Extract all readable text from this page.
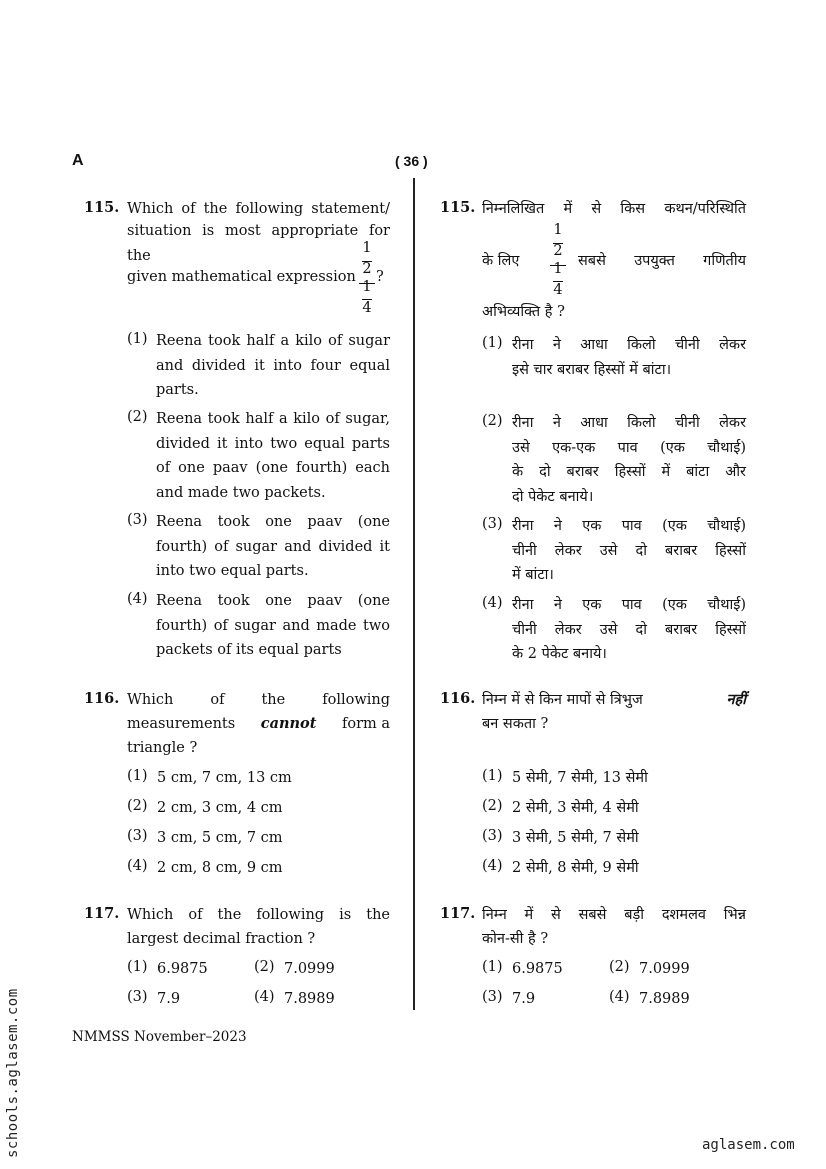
A	( 36 )
115. Which of the following statement/
situation is most appropriate for the
given mathematical expression
1
2
1
4
?
(1) Reena took half a kilo of sugar
and divided it into four equal
parts.
(2) Reena took half a kilo of sugar,
divided it into two equal parts
of one paav (one fourth) each
and made two packets.
(3) Reena took one paav (one
fourth) of sugar and divided it
into two equal parts.
(4) Reena took one paav (one
fourth) of sugar and made two
packets of its equal parts
116. Which of the following
measurements cannot form a
triangle ?
(1) 5 cm, 7 cm, 13 cm
(2) 2 cm, 3 cm, 4 cm
(3) 3 cm, 5 cm, 7 cm
(4) 2 cm, 8 cm, 9 cm
117. Which of the following is the
largest decimal fraction ?
(1) 6.9875	(2) 7.0999
(3) 7.9	(4) 7.8989
115. निम्नलिखित में से किस कथन/परिस्थिति
के लिए
1
2
1
4
सबसे उपयुक्त गणितीय
अभिव्यक्ति है ?
(1) रीना ने आधा किलो चीनी लेकर
इसे चार बराबर हिस्सों में बांटा।
(2) रीना ने आधा किलो चीनी लेकर
उसे एक-एक पाव (एक चौथाई)
के दो बराबर हिस्सों में बांटा और
दो पेकेट बनाये।
(3) रीना ने एक पाव (एक चौथाई)
चीनी लेकर उसे दो बराबर हिस्सों
में बांटा।
(4) रीना ने एक पाव (एक चौथाई)
चीनी लेकर उसे दो बराबर हिस्सों
के 2 पेकेट बनाये।
116. निम्न में से किन मापों से त्रिभुज	नहीं
बन सकता ?
(1) 5 सेमी, 7 सेमी, 13 सेमी
(2) 2 सेमी, 3 सेमी, 4 सेमी
(3) 3 सेमी, 5 सेमी, 7 सेमी
(4) 2 सेमी, 8 सेमी, 9 सेमी
117. निम्न में से सबसे बड़ी दशमलव भिन्न
कोन-सी है ?
(1) 6.9875	(2) 7.0999
(3) 7.9	(4) 7.8989
NMMSS November–2023
schools.aglasem.com	aglasem.com
